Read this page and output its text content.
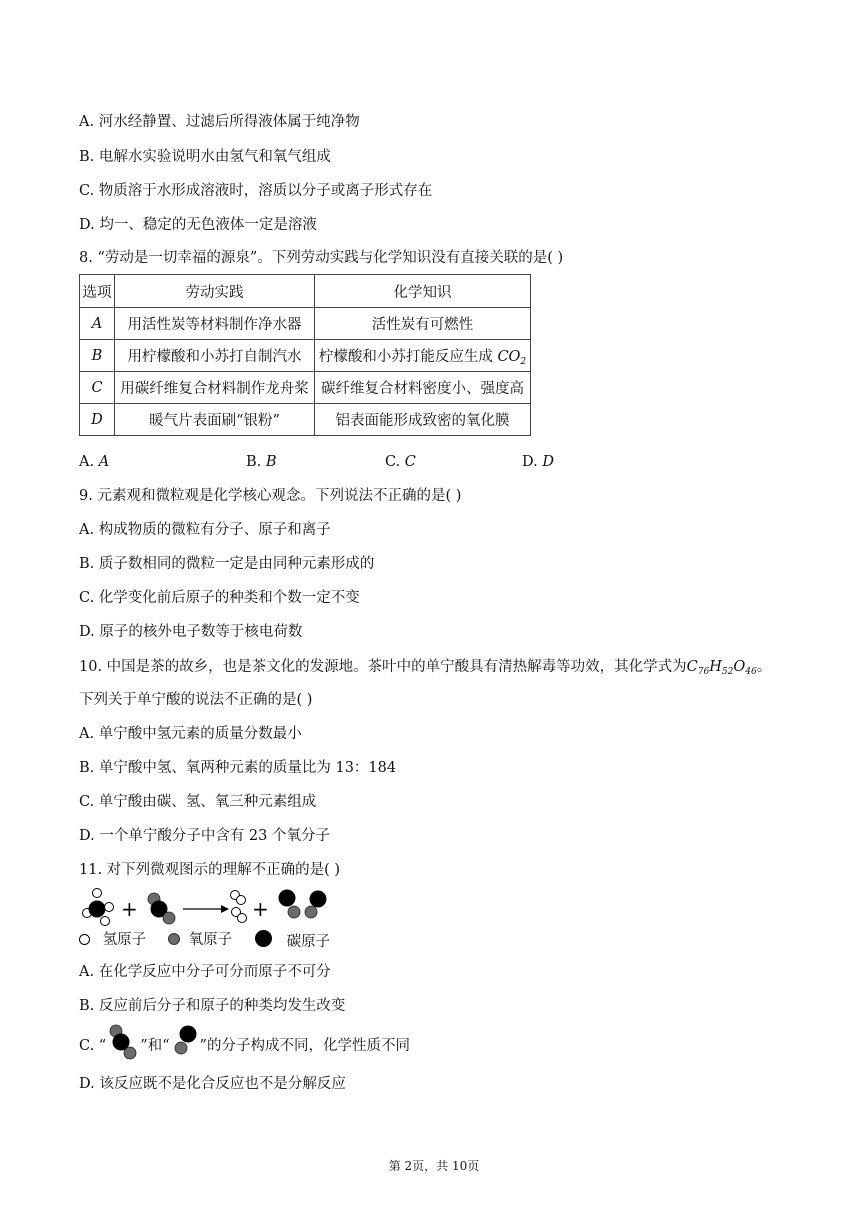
A. 河水经静置、过滤后所得液体属于纯净物
B. 电解水实验说明水由氢气和氧气组成
C. 物质溶于水形成溶液时，溶质以分子或离子形式存在
D. 均一、稳定的无色液体一定是溶液
8. “劳动是一切幸福的源泉”。下列劳动实践与化学知识没有直接关联的是( )
选项	劳动实践	化学知识
A	用活性炭等材料制作净水器	活性炭有可燃性
B	用柠檬酸和小苏打自制汽水	柠檬酸和小苏打能反应生成 $CO_2$
C	用碳纤维复合材料制作龙舟桨	碳纤维复合材料密度小、强度高
D	暖气片表面刷“银粉”	铝表面能形成致密的氧化膜
A. A	B. B	C. C	D. D
9. 元素观和微粒观是化学核心观念。下列说法不正确的是( )
A. 构成物质的微粒有分子、原子和离子
B. 质子数相同的微粒一定是由同种元素形成的
C. 化学变化前后原子的种类和个数一定不变
D. 原子的核外电子数等于核电荷数
10. 中国是茶的故乡，也是茶文化的发源地。茶叶中的单宁酸具有清热解毒等功效，其化学式为$C_{76}H_{52}O_{46}$。
下列关于单宁酸的说法不正确的是( )
A. 单宁酸中氢元素的质量分数最小
B. 单宁酸中氢、氧两种元素的质量比为 13：184
C. 单宁酸由碳、氢、氧三种元素组成
D. 一个单宁酸分子中含有 23 个氧分子
11. 对下列微观图示的理解不正确的是( )
+	+
氢原子	氧原子	碳原子
A. 在化学反应中分子可分而原子不可分
B. 反应前后分子和原子的种类均发生改变
C. “ ”和“ ”的分子构成不同，化学性质不同
D. 该反应既不是化合反应也不是分解反应
第 2页，共 10页
